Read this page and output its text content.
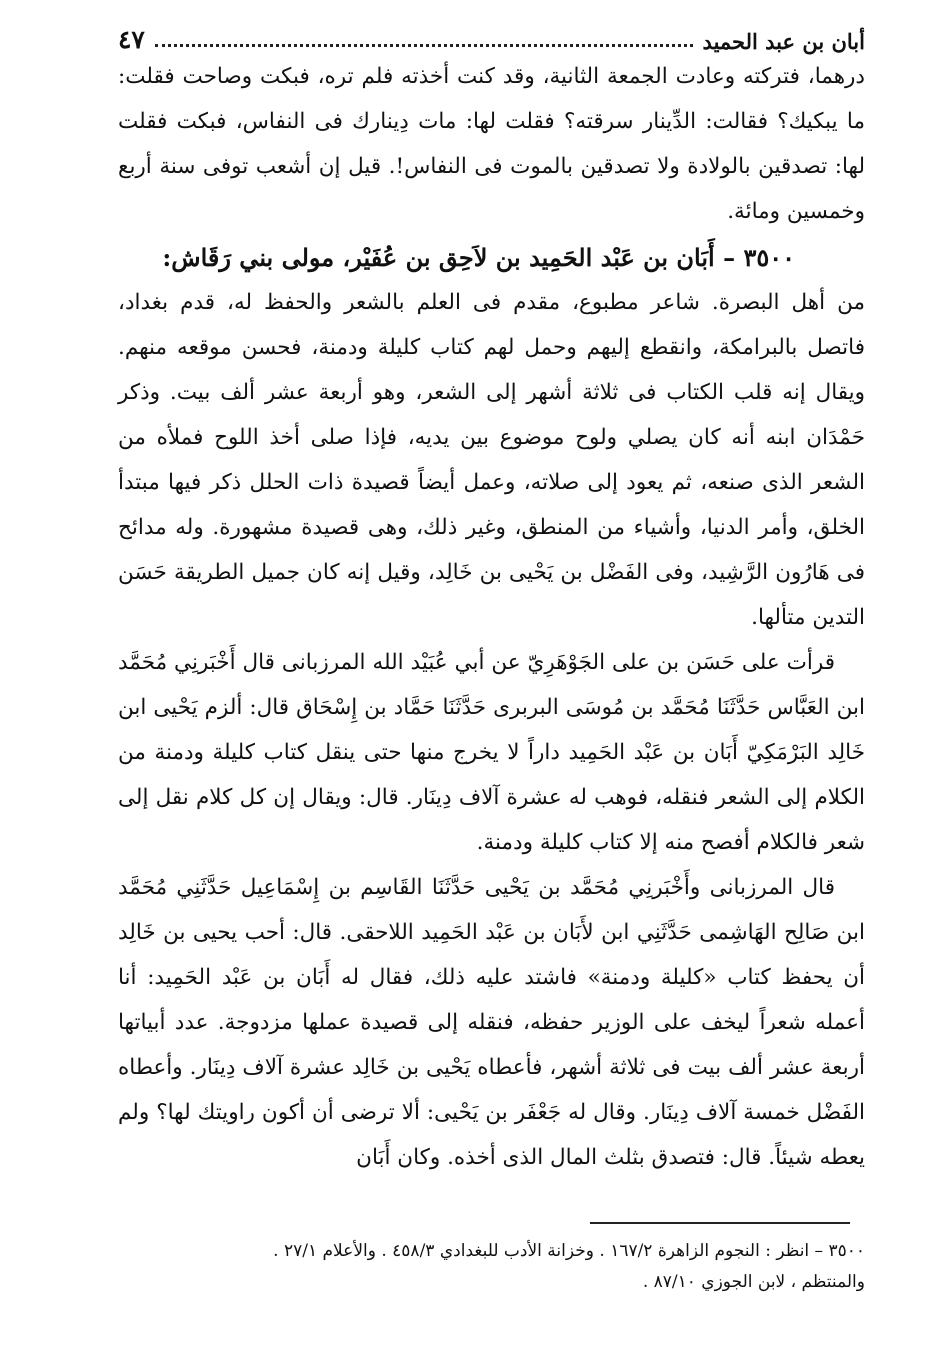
أبان بن عبد الحميد
٤٧

درهما، فتركته وعادت الجمعة الثانية، وقد كنت أخذته فلم تره، فبكت وصاحت فقلت: ما يبكيك؟ فقالت: الدِّينار سرقته؟ فقلت لها: مات دِينارك فى النفاس، فبكت فقلت لها: تصدقين بالولادة ولا تصدقين بالموت فى النفاس!. قيل إن أشعب توفى سنة أربع وخمسين ومائة.

٣٥٠٠ – أَبَان بن عَبْد الحَمِيد بن لاَحِق بن عُفَيْر، مولى بني رَقَاش:

من أهل البصرة. شاعر مطبوع، مقدم فى العلم بالشعر والحفظ له، قدم بغداد، فاتصل بالبرامكة، وانقطع إليهم وحمل لهم كتاب كليلة ودمنة، فحسن موقعه منهم. ويقال إنه قلب الكتاب فى ثلاثة أشهر إلى الشعر، وهو أربعة عشر ألف بيت. وذكر حَمْدَان ابنه أنه كان يصلي ولوح موضوع بين يديه، فإذا صلى أخذ اللوح فملأه من الشعر الذى صنعه، ثم يعود إلى صلاته، وعمل أيضاً قصيدة ذات الحلل ذكر فيها مبتدأ الخلق، وأمر الدنيا، وأشياء من المنطق، وغير ذلك، وهى قصيدة مشهورة. وله مدائح فى هَارُون الرَّشِيد، وفى الفَضْل بن يَحْيى بن خَالِد، وقيل إنه كان جميل الطريقة حَسَن التدين متألها.

قرأت على حَسَن بن على الجَوْهَرِيّ عن أبي عُبَيْد الله المرزبانى قال أَخْبَرنِي مُحَمَّد ابن العَبَّاس حَدَّثَنَا مُحَمَّد بن مُوسَى البربرى حَدَّثَنَا حَمَّاد بن إِسْحَاق قال: ألزم يَحْيى ابن خَالِد البَرْمَكِيّ أَبَان بن عَبْد الحَمِيد داراً لا يخرج منها حتى ينقل كتاب كليلة ودمنة من الكلام إلى الشعر فنقله، فوهب له عشرة آلاف دِينَار. قال: ويقال إن كل كلام نقل إلى شعر فالكلام أفصح منه إلا كتاب كليلة ودمنة.

قال المرزبانى وأَخْبَرنِي مُحَمَّد بن يَحْيى حَدَّثَنَا القَاسِم بن إِسْمَاعِيل حَدَّثَنِي مُحَمَّد ابن صَالِح الهَاشِمى حَدَّثَنِي ابن لأَبَان بن عَبْد الحَمِيد اللاحقى. قال: أحب يحيى بن خَالِد أن يحفظ كتاب «كليلة ودمنة» فاشتد عليه ذلك، فقال له أَبَان بن عَبْد الحَمِيد: أنا أعمله شعراً ليخف على الوزير حفظه، فنقله إلى قصيدة عملها مزدوجة. عدد أبياتها أربعة عشر ألف بيت فى ثلاثة أشهر، فأعطاه يَحْيى بن خَالِد عشرة آلاف دِينَار. وأعطاه الفَضْل خمسة آلاف دِينَار. وقال له جَعْفَر بن يَحْيى: ألا ترضى أن أكون راويتك لها؟ ولم يعطه شيئاً. قال: فتصدق بثلث المال الذى أخذه. وكان أَبَان

٣٥٠٠ – انظر : النجوم الزاهرة ١٦٧/٢ . وخزانة الأدب للبغدادي ٤٥٨/٣ . والأعلام ٢٧/١ .

والمنتظم ، لابن الجوزي ٨٧/١٠ .
